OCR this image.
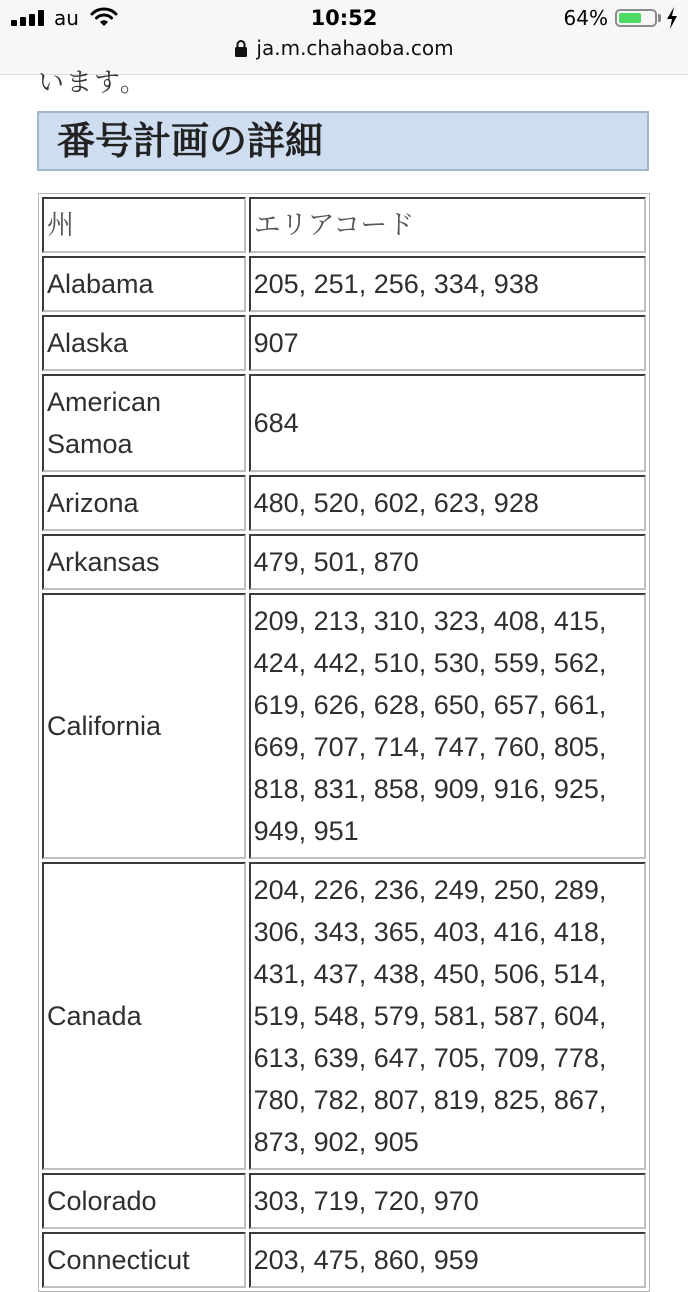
au	10:52	64%
ja.m.chahaoba.com
います。
番号計画の詳細
州	エリアコード
Alabama	205, 251, 256, 334, 938
Alaska	907
American Samoa	684
Arizona	480, 520, 602, 623, 928
Arkansas	479, 501, 870
California	209, 213, 310, 323, 408, 415, 424, 442, 510, 530, 559, 562, 619, 626, 628, 650, 657, 661, 669, 707, 714, 747, 760, 805, 818, 831, 858, 909, 916, 925, 949, 951
Canada	204, 226, 236, 249, 250, 289, 306, 343, 365, 403, 416, 418, 431, 437, 438, 450, 506, 514, 519, 548, 579, 581, 587, 604, 613, 639, 647, 705, 709, 778, 780, 782, 807, 819, 825, 867, 873, 902, 905
Colorado	303, 719, 720, 970
Connecticut	203, 475, 860, 959
